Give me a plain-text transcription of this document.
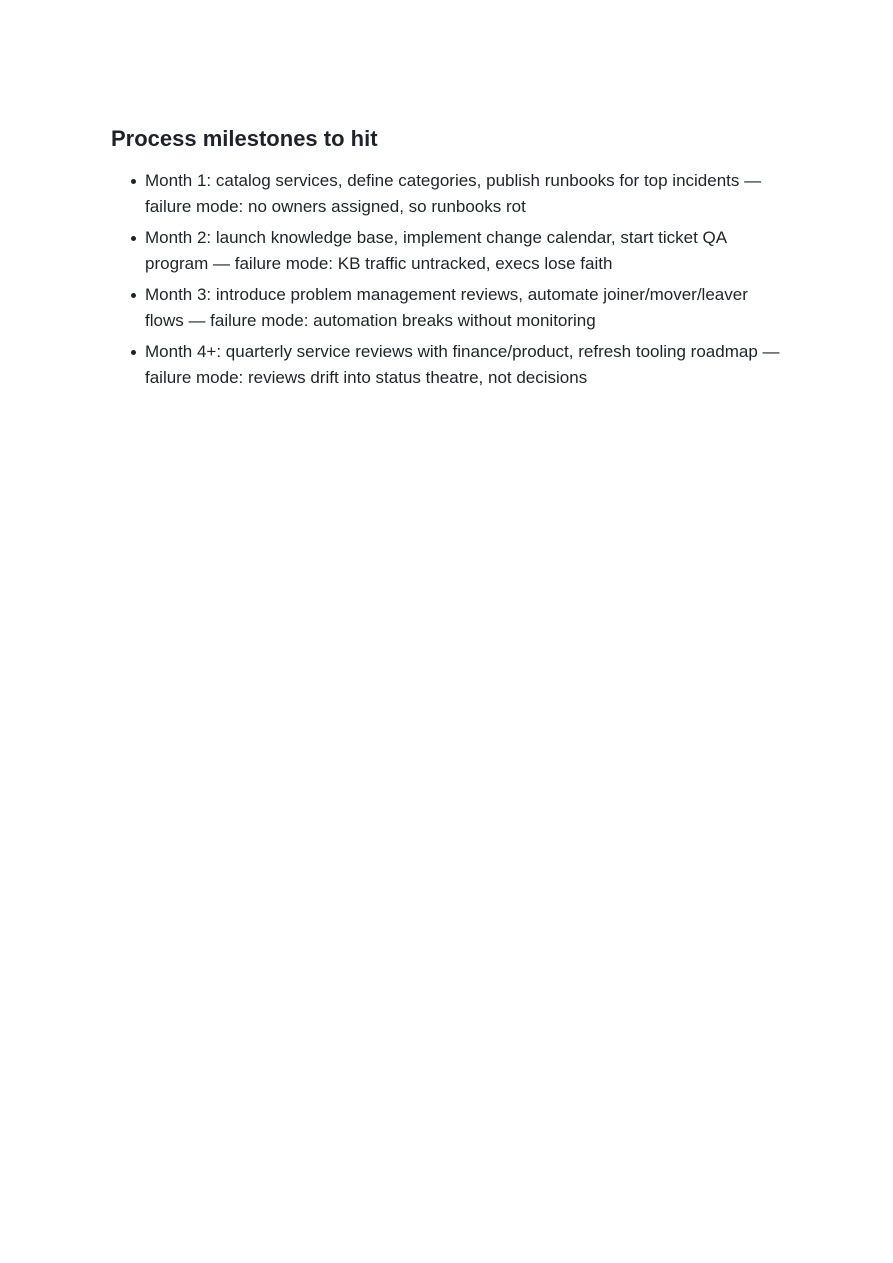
Process milestones to hit
Month 1: catalog services, define categories, publish runbooks for top incidents — failure mode: no owners assigned, so runbooks rot
Month 2: launch knowledge base, implement change calendar, start ticket QA program — failure mode: KB traffic untracked, execs lose faith
Month 3: introduce problem management reviews, automate joiner/mover/leaver flows — failure mode: automation breaks without monitoring
Month 4+: quarterly service reviews with finance/product, refresh tooling roadmap — failure mode: reviews drift into status theatre, not decisions
